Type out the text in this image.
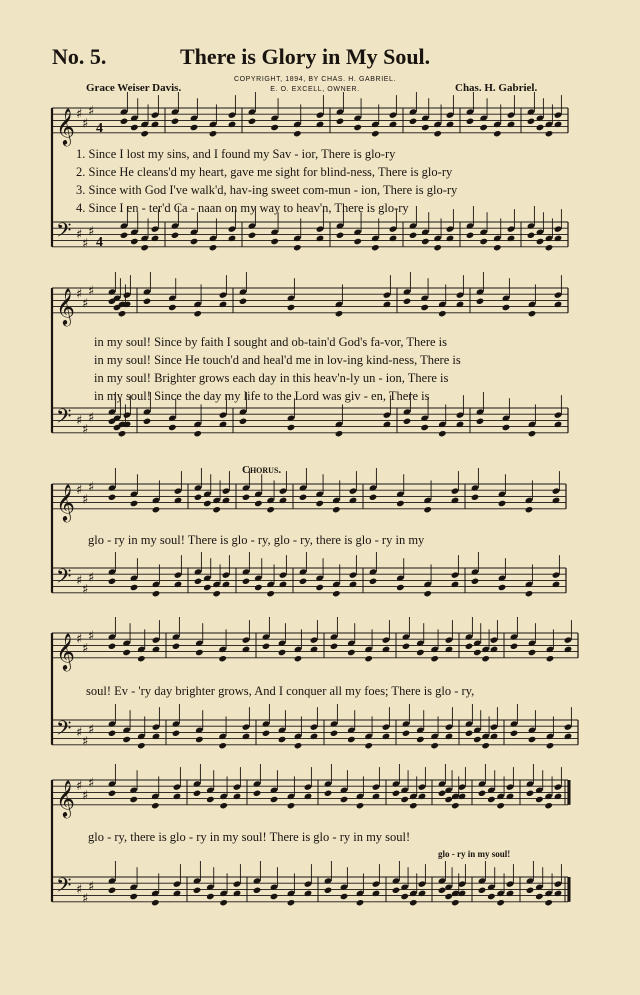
No. 5.	There is Glory in My Soul.
Grace Weiser Davis.
COPYRIGHT, 1894, BY CHAS. H. GABRIEL.
E. O. EXCELL, OWNER.	Chas. H. Gabriel.
𝄞
𝄢
♯
♯
♯
♯
♯
♯
4
4
𝄞
𝄢
♯
♯
♯
♯
♯
♯
𝄞
𝄢
♯
♯
♯
♯
♯
♯
𝄞
𝄢
♯
♯
♯
♯
♯
♯
𝄞
𝄢
♯
♯
♯
♯
♯
♯
1. Since I lost my sins, and I found my Sav - ior, There is glo-ry
2. Since He cleans'd my heart, gave me sight for blind-ness, There is glo-ry
3. Since with God I've walk'd, hav-ing sweet com-mun - ion, There is glo-ry
4. Since I en - ter'd Ca - naan on my way to heav'n, There is glo-ry
in my soul! Since by faith I sought and ob-tain'd God's fa-vor, There is
in my soul! Since He touch'd and heal'd me in lov-ing kind-ness, There is
in my soul! Brighter grows each day in this heav'n-ly un - ion, There is
in my soul! Since the day my life to the Lord was giv - en, There is
Chorus.
glo - ry in my soul! There is glo - ry, glo - ry, there is glo - ry in my
soul! Ev - 'ry day brighter grows, And I conquer all my foes; There is glo - ry,
glo - ry, there is glo - ry in my soul! There is glo - ry in my soul!
glo - ry in my soul!
